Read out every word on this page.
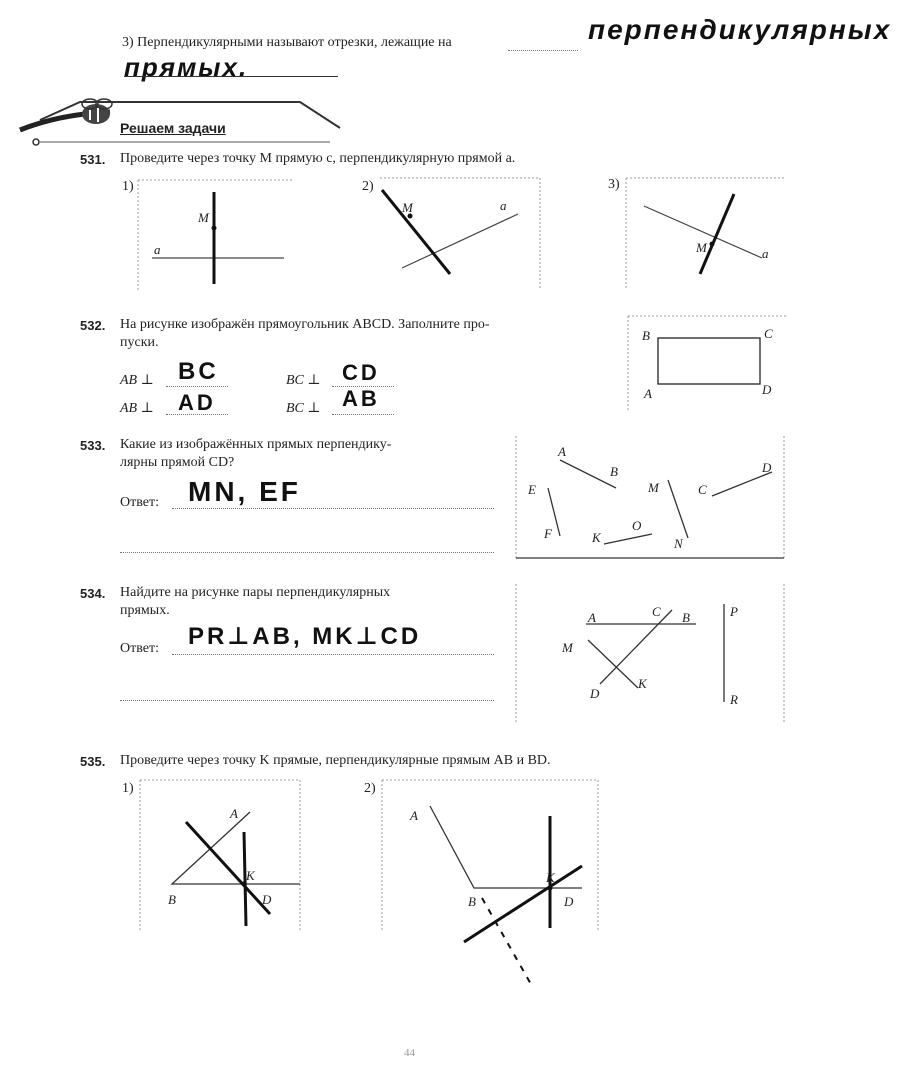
3) Перпендикулярными называют отрезки, лежащие на	перпендикулярных
прямых.
Решаем задачи
531. Проведите через точку M прямую c, перпендикулярную прямой a.
1)
M
a
2)
M	a
3)
M	a
532. На рисунке изображён прямоугольник ABCD. Заполните про-
пуски.
AB ⊥ BC	BC ⊥ CD
AB ⊥ AD	BC ⊥ AB
B	C
A	D
533. Какие из изображённых прямых перпендику-
лярны прямой CD?
Ответ: MN, EF
A
B
E
F	K
O
M
N
C
D
534. Найдите на рисунке пары перпендикулярных
прямых.
Ответ: PR⊥AB, MK⊥CD
A	C B
M
D
K
P
R
535. Проведите через точку K прямые, перпендикулярные прямым AB и BD.
1)
A
B
K
D
2)
A
B
K
D
44
